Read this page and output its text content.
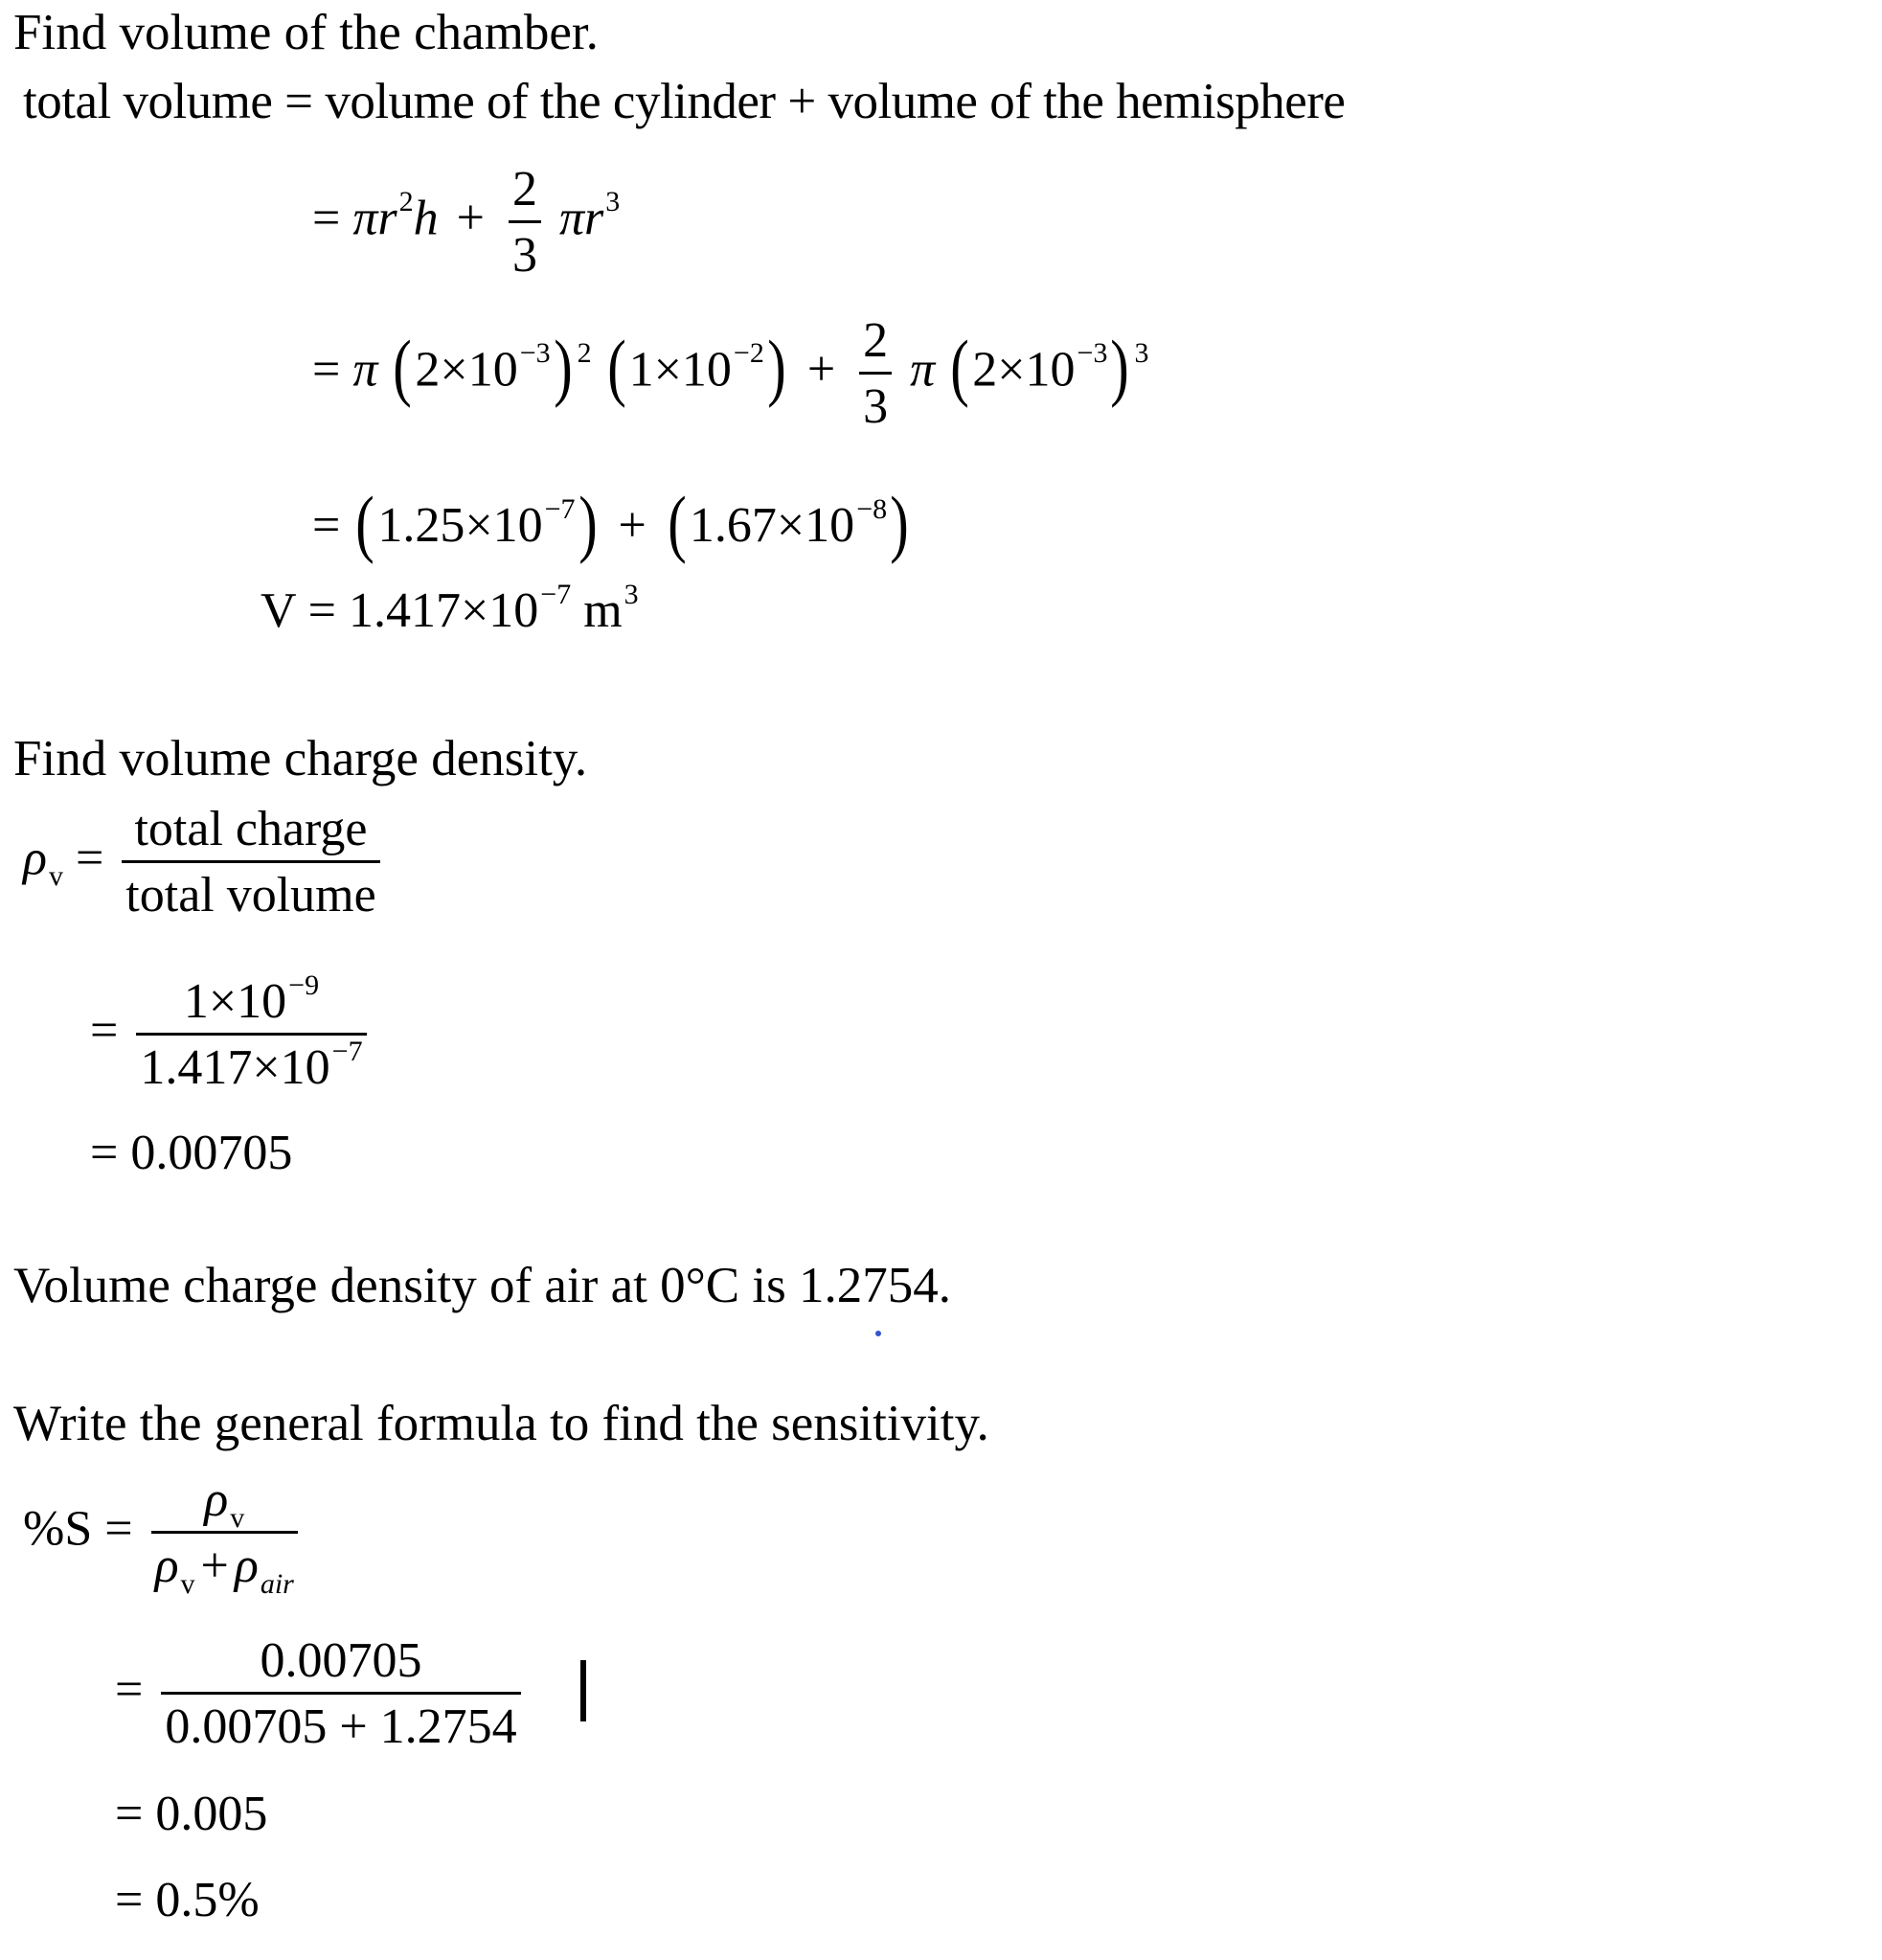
Find volume of the chamber.
total volume = volume of the cylinder + volume of the hemisphere
= $\pi r^2h + \frac{2}{3} \pi r^3$
= π $(2\times 10^{-3})$ $^2$ $(1\times 10^{-2}) + \frac{2}{3}$ π $(2\times 10^{-3})$ $^3$
= $(1.25\times 10^{-7}) + (1.67\times 10^{-8})$
$V = 1.417\times 10^{-7}$ $m^3$
Find volume charge density.
$\rho_v = \frac{\text{total charge}}{\text{total volume}}$
= $\frac{1\times 10^{-9}}{1.417\times 10^{-7}}$
= 0.00705
Volume charge density of air at 0°C is 1.2754.
Write the general formula to find the sensitivity.
$\%S = \frac{\rho_v}{\rho_v + \rho_{air}}$
= $\frac{0.00705}{0.00705 + 1.2754}$
= 0.005
= 0.5%
